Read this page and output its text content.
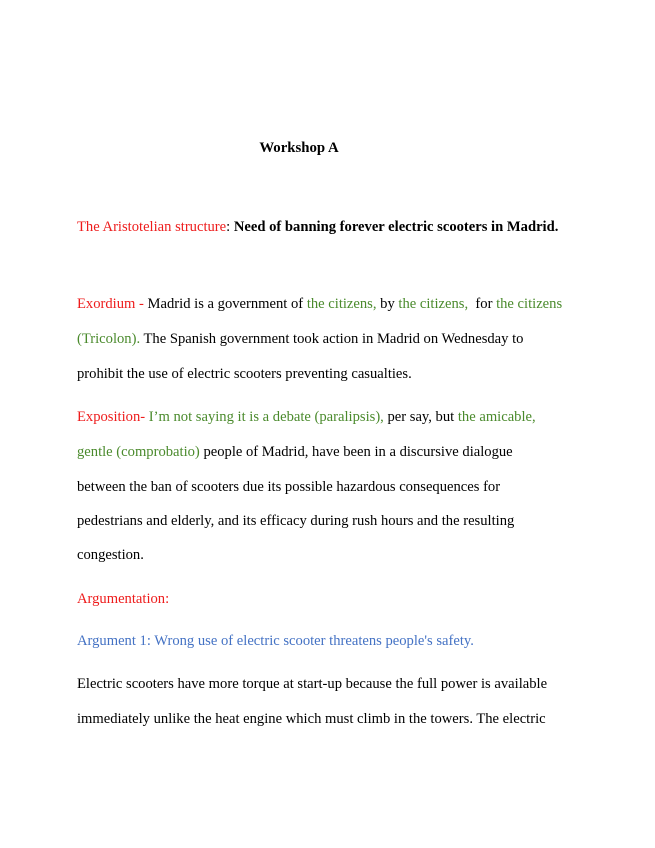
Workshop A
The Aristotelian structure: Need of banning forever electric scooters in Madrid.
Exordium - Madrid is a government of the citizens, by the citizens,  for the citizens
(Tricolon). The Spanish government took action in Madrid on Wednesday to
prohibit the use of electric scooters preventing casualties.
Exposition- I’m not saying it is a debate (paralipsis), per say, but the amicable,
gentle (comprobatio) people of Madrid, have been in a discursive dialogue
between the ban of scooters due its possible hazardous consequences for
pedestrians and elderly, and its efficacy during rush hours and the resulting
congestion.
Argumentation:
Argument 1: Wrong use of electric scooter threatens people's safety.
Electric scooters have more torque at start-up because the full power is available
immediately unlike the heat engine which must climb in the towers. The electric
